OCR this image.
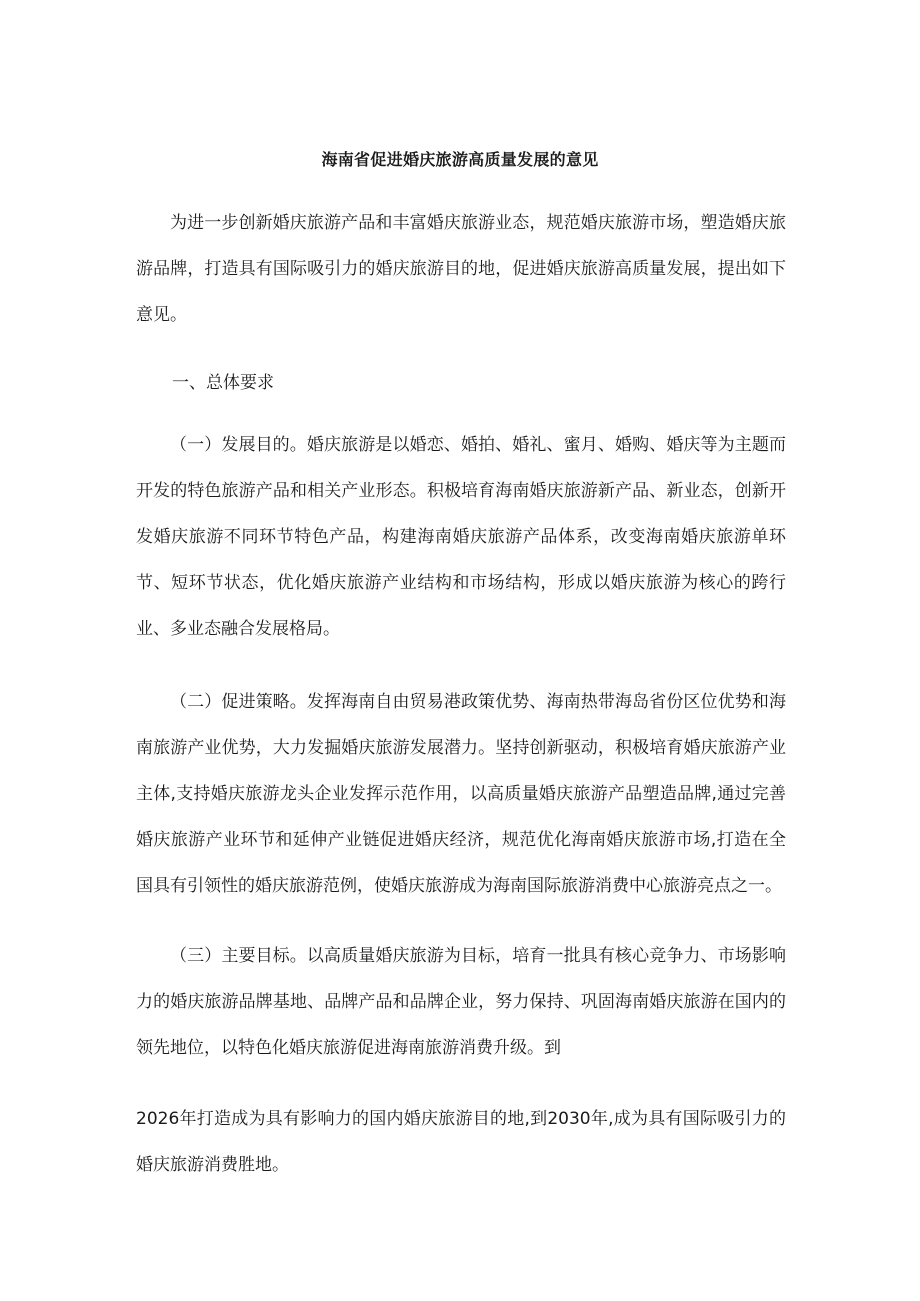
海南省促进婚庆旅游高质量发展的意见

为进一步创新婚庆旅游产品和丰富婚庆旅游业态，规范婚庆旅游市场，塑造婚庆旅游品牌，打造具有国际吸引力的婚庆旅游目的地，促进婚庆旅游高质量发展，提出如下意见。

一、总体要求

（一）发展目的。婚庆旅游是以婚恋、婚拍、婚礼、蜜月、婚购、婚庆等为主题而开发的特色旅游产品和相关产业形态。积极培育海南婚庆旅游新产品、新业态，创新开发婚庆旅游不同环节特色产品，构建海南婚庆旅游产品体系，改变海南婚庆旅游单环节、短环节状态，优化婚庆旅游产业结构和市场结构，形成以婚庆旅游为核心的跨行业、多业态融合发展格局。

（二）促进策略。发挥海南自由贸易港政策优势、海南热带海岛省份区位优势和海南旅游产业优势，大力发掘婚庆旅游发展潜力。坚持创新驱动，积极培育婚庆旅游产业主体,支持婚庆旅游龙头企业发挥示范作用，以高质量婚庆旅游产品塑造品牌,通过完善婚庆旅游产业环节和延伸产业链促进婚庆经济，规范优化海南婚庆旅游市场,打造在全国具有引领性的婚庆旅游范例，使婚庆旅游成为海南国际旅游消费中心旅游亮点之一。

（三）主要目标。以高质量婚庆旅游为目标，培育一批具有核心竞争力、市场影响力的婚庆旅游品牌基地、品牌产品和品牌企业，努力保持、巩固海南婚庆旅游在国内的领先地位，以特色化婚庆旅游促进海南旅游消费升级。到

2026年打造成为具有影响力的国内婚庆旅游目的地,到2030年,成为具有国际吸引力的婚庆旅游消费胜地。
